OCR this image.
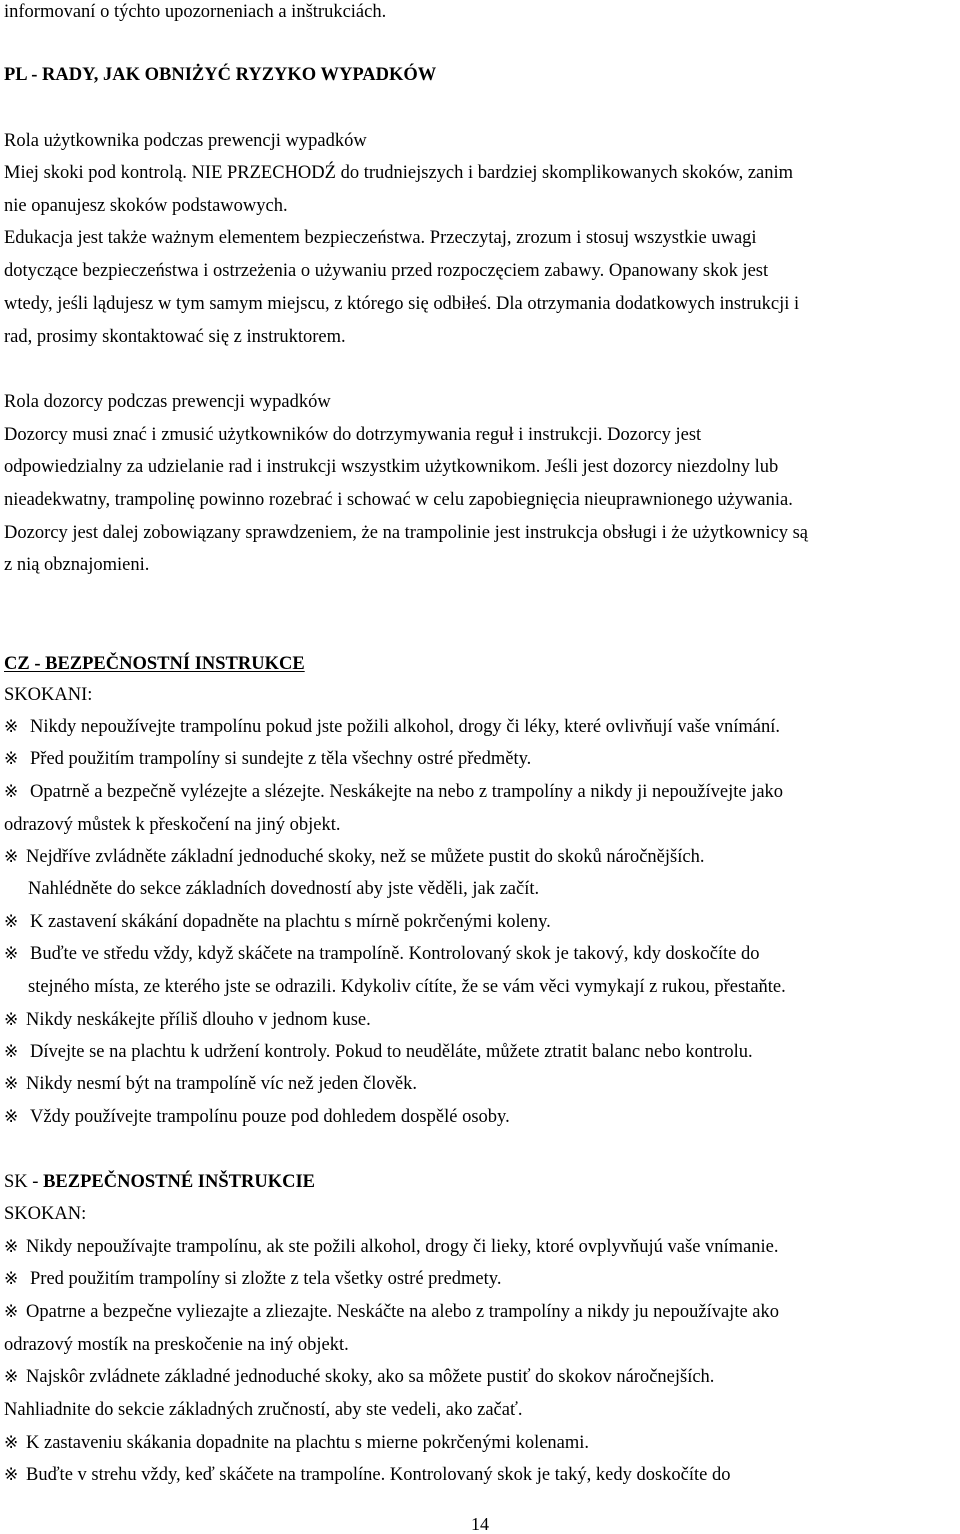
informovaní o týchto upozorneniach a inštrukciách.
PL - RADY, JAK OBNIŻYĆ RYZYKO WYPADKÓW
Rola użytkownika podczas prewencji wypadków
Miej skoki pod kontrolą. NIE PRZECHODŹ do trudniejszych i bardziej skomplikowanych skoków, zanim
nie opanujesz skoków podstawowych.
Edukacja jest także ważnym elementem bezpieczeństwa. Przeczytaj, zrozum i stosuj wszystkie uwagi
dotyczące bezpieczeństwa i ostrzeżenia o używaniu przed rozpoczęciem zabawy. Opanowany skok jest
wtedy, jeśli lądujesz w tym samym miejscu, z którego się odbiłeś. Dla otrzymania dodatkowych instrukcji i
rad, prosimy skontaktować się z instruktorem.
Rola dozorcy podczas prewencji wypadków
Dozorcy musi znać i zmusić użytkowników do dotrzymywania reguł i instrukcji. Dozorcy jest
odpowiedzialny za udzielanie rad i instrukcji wszystkim użytkownikom. Jeśli jest dozorcy niezdolny lub
nieadekwatny, trampolinę powinno rozebrać i schować w celu zapobiegnięcia nieuprawnionego używania.
Dozorcy jest dalej zobowiązany sprawdzeniem, że na trampolinie jest instrukcja obsługi i że użytkownicy są
z nią obznajomieni.
CZ - BEZPEČNOSTNÍ INSTRUKCE
SKOKANI:
※ Nikdy nepoužívejte trampolínu pokud jste požili alkohol, drogy či léky, které ovlivňují vaše vnímání.
※ Před použitím trampolíny si sundejte z těla všechny ostré předměty.
※ Opatrně a bezpečně vylézejte a slézejte. Neskákejte na nebo z trampolíny a nikdy ji nepoužívejte jako
odrazový můstek k přeskočení na jiný objekt.
※ Nejdříve zvládněte základní jednoduché skoky, než se můžete pustit do skoků náročnějších.
Nahlédněte do sekce základních dovedností aby jste věděli, jak začít.
※ K zastavení skákání dopadněte na plachtu s mírně pokrčenými koleny.
※ Buďte ve středu vždy, když skáčete na trampolíně. Kontrolovaný skok je takový, kdy doskočíte do
stejného místa, ze kterého jste se odrazili. Kdykoliv cítíte, že se vám věci vymykají z rukou, přestaňte.
※ Nikdy neskákejte příliš dlouho v jednom kuse.
※ Dívejte se na plachtu k udržení kontroly. Pokud to neuděláte, můžete ztratit balanc nebo kontrolu.
※ Nikdy nesmí být na trampolíně víc než jeden člověk.
※ Vždy používejte trampolínu pouze pod dohledem dospělé osoby.
SK - BEZPEČNOSTNÉ INŠTRUKCIE
SKOKAN:
※ Nikdy nepoužívajte trampolínu, ak ste požili alkohol, drogy či lieky, ktoré ovplyvňujú vaše vnímanie.
※ Pred použitím trampolíny si zložte z tela všetky ostré predmety.
※ Opatrne a bezpečne vyliezajte a zliezajte. Neskáčte na alebo z trampolíny a nikdy ju nepoužívajte ako
odrazový mostík na preskočenie na iný objekt.
※ Najskôr zvládnete základné jednoduché skoky, ako sa môžete pustiť do skokov náročnejších.
Nahliadnite do sekcie základných zručností, aby ste vedeli, ako začať.
※ K zastaveniu skákania dopadnite na plachtu s mierne pokrčenými kolenami.
※ Buďte v strehu vždy, keď skáčete na trampolíne. Kontrolovaný skok je taký, kedy doskočíte do
14
